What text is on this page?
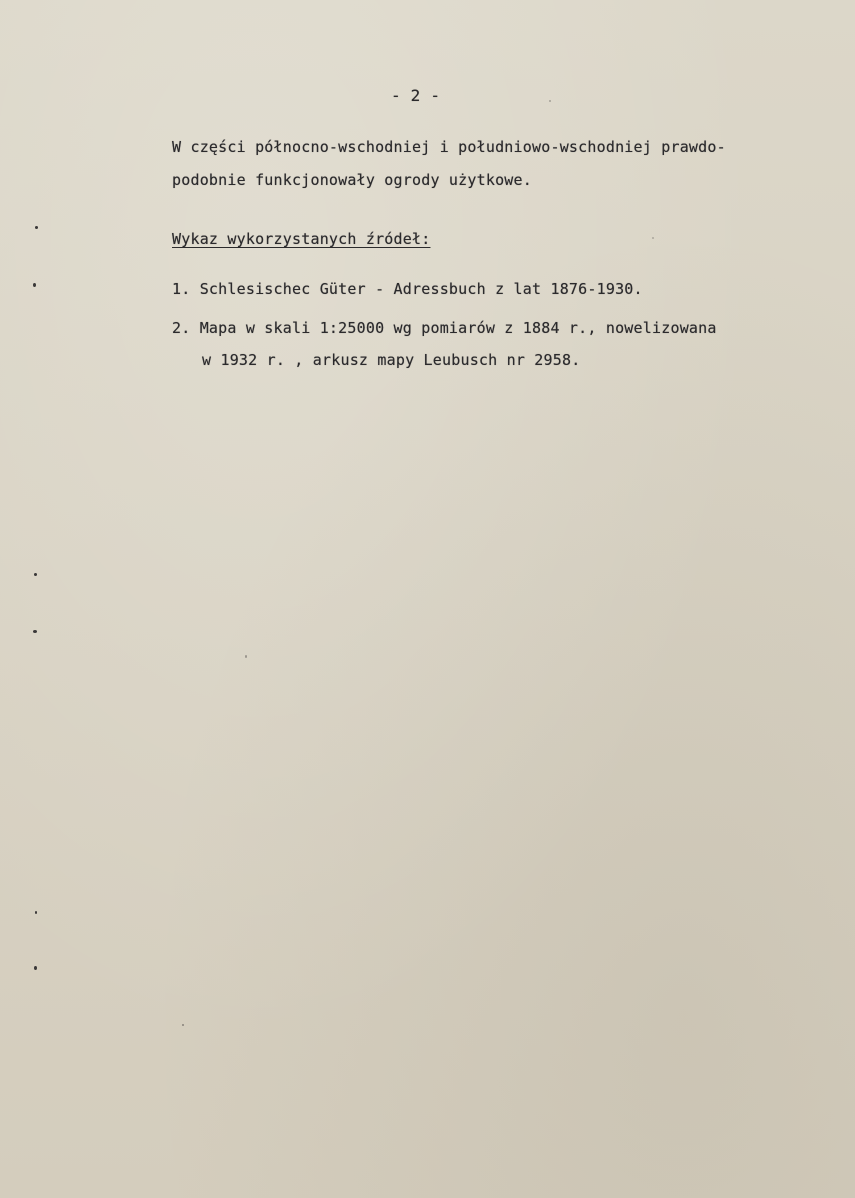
- 2 -
W części północno-wschodniej i południowo-wschodniej prawdo-
podobnie funkcjonowały ogrody użytkowe.
Wykaz wykorzystanych źródeł:
1. Schlesischec Güter - Adressbuch z lat 1876-1930.
2. Mapa w skali 1:25000 wg pomiarów z 1884 r., nowelizowana
w 1932 r. , arkusz mapy Leubusch nr 2958.
